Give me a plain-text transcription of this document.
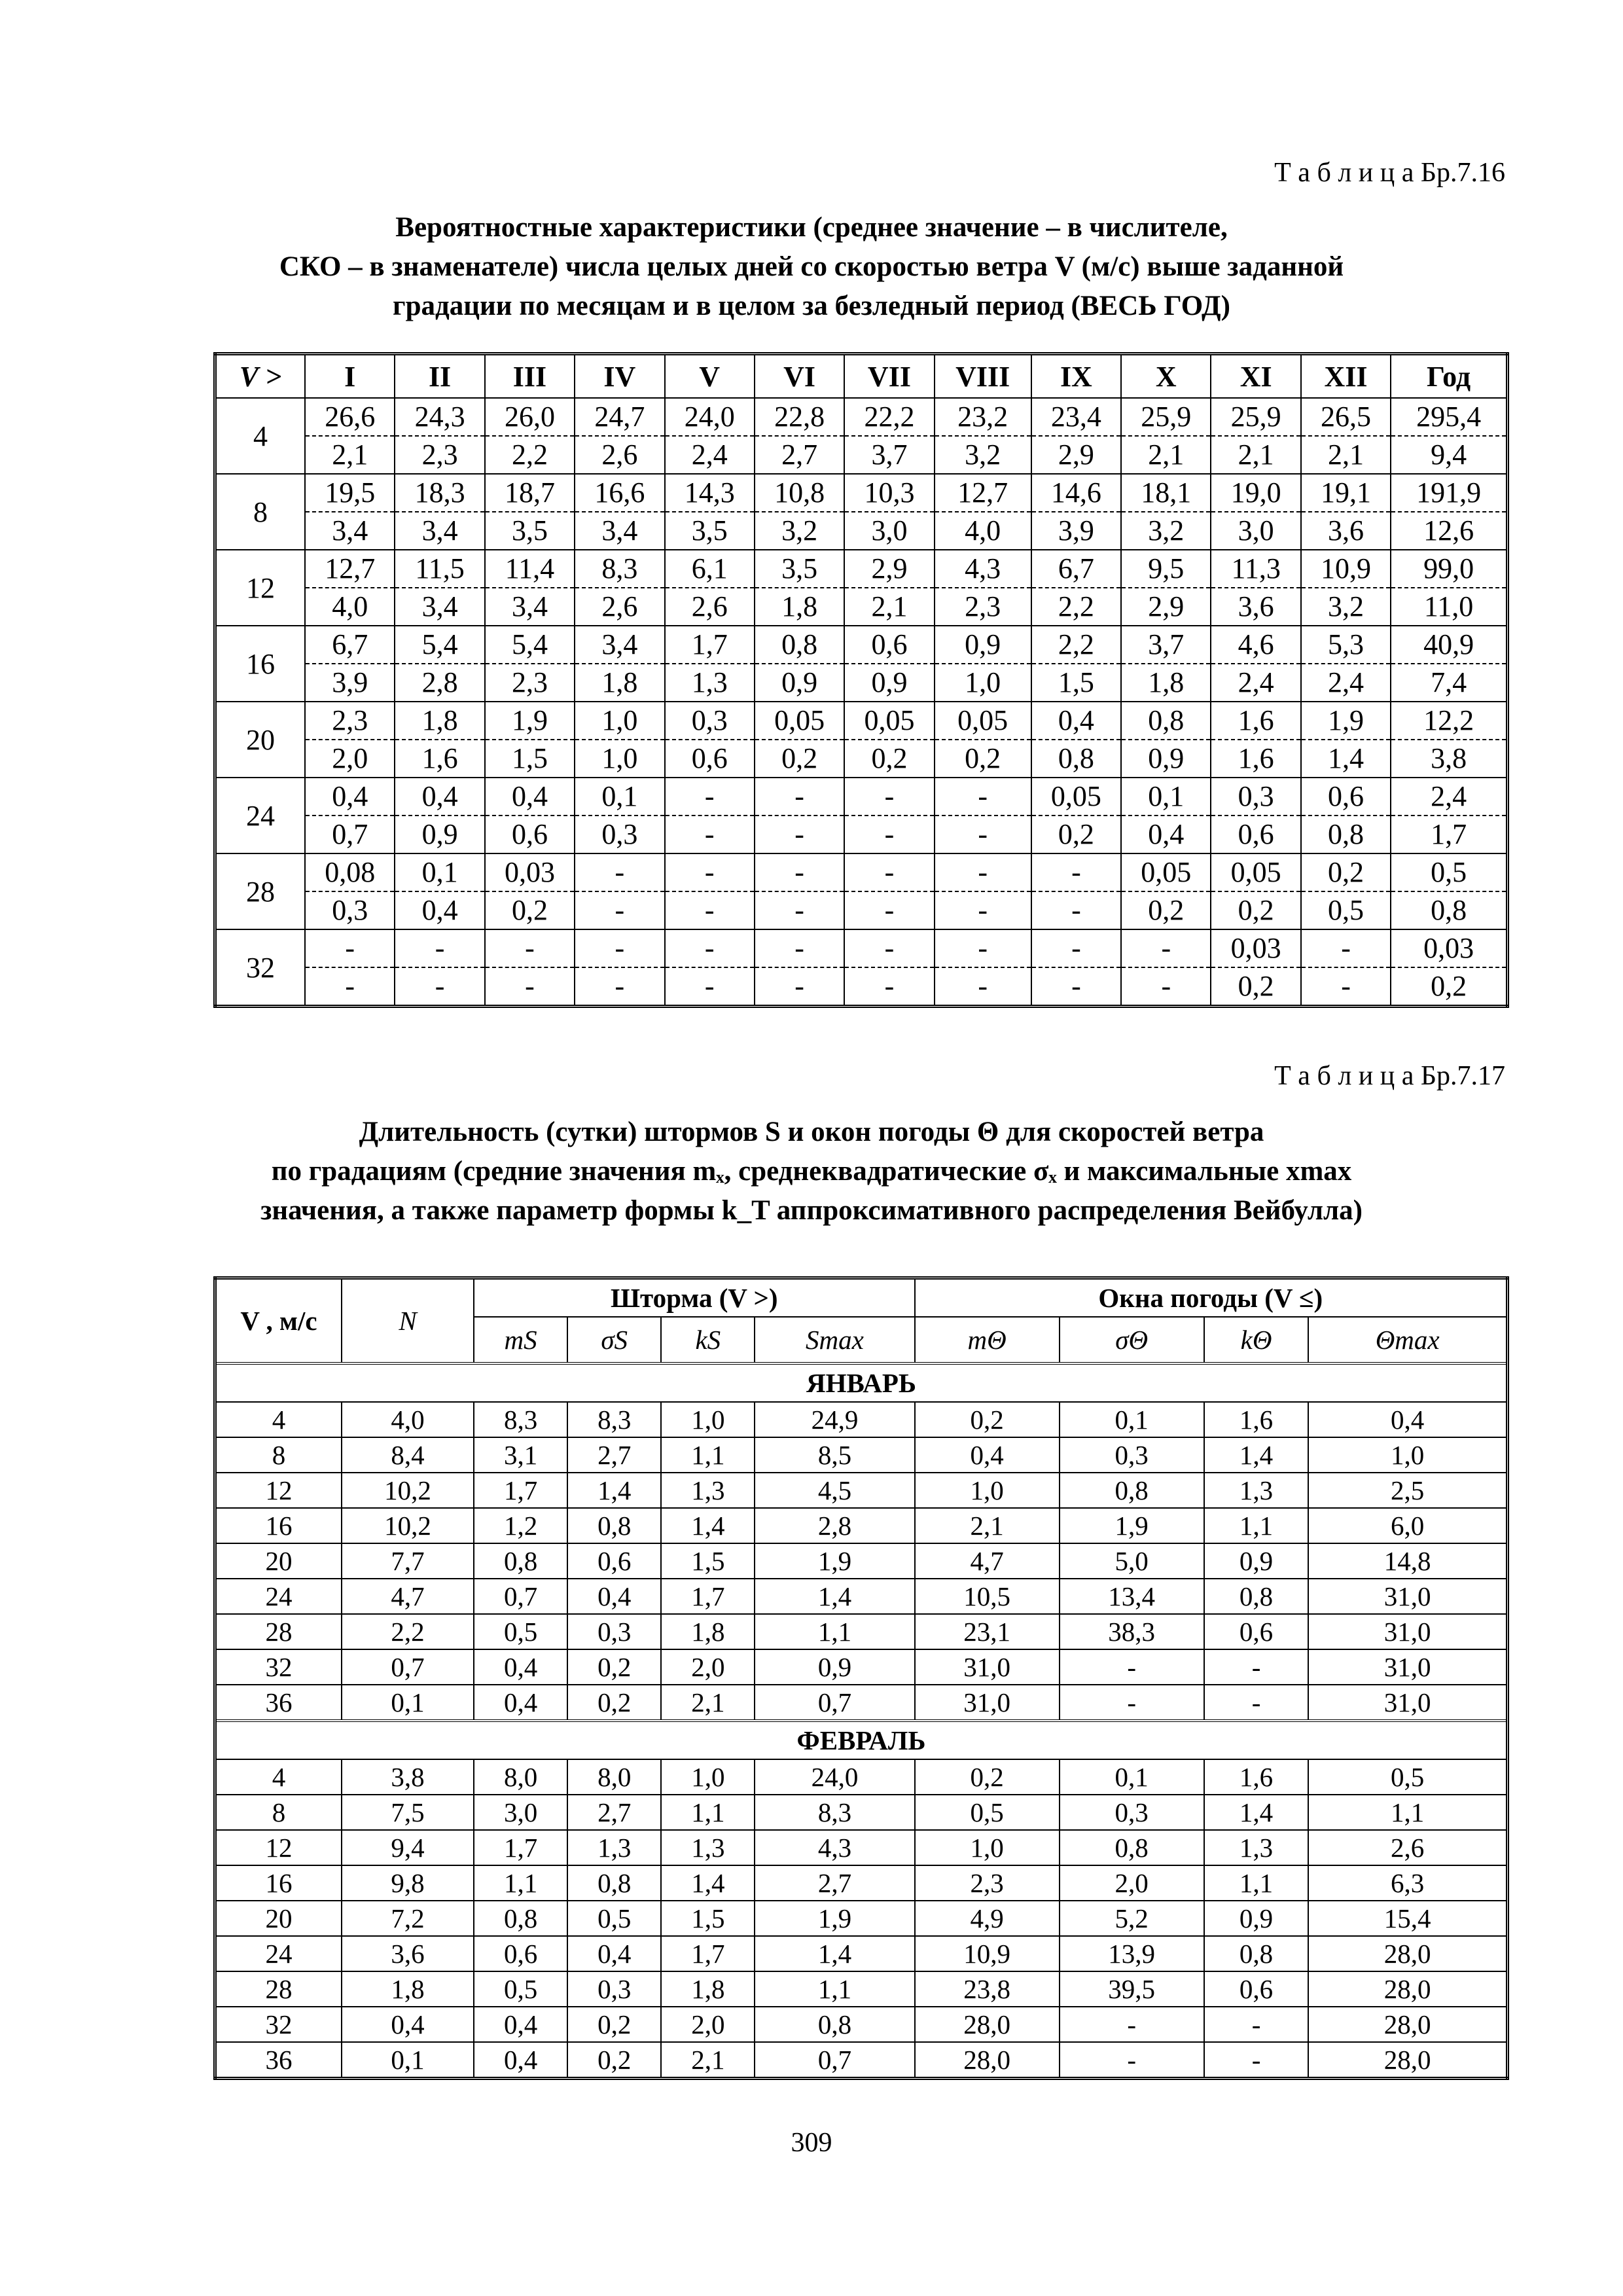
Т а б л и ц а Бр.7.16
Вероятностные характеристики (среднее значение – в числителе,
СКО – в знаменателе) числа целых дней со скоростью ветра V (м/с) выше заданной
градации по месяцам и в целом за безледный период (ВЕСЬ ГОД)
V >	I	II	III	IV	V	VI	VII	VIII	IX	X	XI	XII	Год
4	26,6	24,3	26,0	24,7	24,0	22,8	22,2	23,2	23,4	25,9	25,9	26,5	295,4
	2,1	2,3	2,2	2,6	2,4	2,7	3,7	3,2	2,9	2,1	2,1	2,1	9,4
8	19,5	18,3	18,7	16,6	14,3	10,8	10,3	12,7	14,6	18,1	19,0	19,1	191,9
	3,4	3,4	3,5	3,4	3,5	3,2	3,0	4,0	3,9	3,2	3,0	3,6	12,6
12	12,7	11,5	11,4	8,3	6,1	3,5	2,9	4,3	6,7	9,5	11,3	10,9	99,0
	4,0	3,4	3,4	2,6	2,6	1,8	2,1	2,3	2,2	2,9	3,6	3,2	11,0
16	6,7	5,4	5,4	3,4	1,7	0,8	0,6	0,9	2,2	3,7	4,6	5,3	40,9
	3,9	2,8	2,3	1,8	1,3	0,9	0,9	1,0	1,5	1,8	2,4	2,4	7,4
20	2,3	1,8	1,9	1,0	0,3	0,05	0,05	0,05	0,4	0,8	1,6	1,9	12,2
	2,0	1,6	1,5	1,0	0,6	0,2	0,2	0,2	0,8	0,9	1,6	1,4	3,8
24	0,4	0,4	0,4	0,1	-	-	-	-	0,05	0,1	0,3	0,6	2,4
	0,7	0,9	0,6	0,3	-	-	-	-	0,2	0,4	0,6	0,8	1,7
28	0,08	0,1	0,03	-	-	-	-	-	-	0,05	0,05	0,2	0,5
	0,3	0,4	0,2	-	-	-	-	-	-	0,2	0,2	0,5	0,8
32	-	-	-	-	-	-	-	-	-	-	0,03	-	0,03
	-	-	-	-	-	-	-	-	-	-	0,2	-	0,2
Т а б л и ц а Бр.7.17
Длительность (сутки) штормов S и окон погоды Θ для скоростей ветра
по градациям (средние значения mₓ, среднеквадратические σₓ и максимальные xmax
значения, а также параметр формы k_T аппроксимативного распределения Вейбулла)
V , м/с	N	Шторма (V >)				Окна погоды (V ≤)			
		mS	σS	kS	Smax	mΘ	σΘ	kΘ	Θmax
ЯНВАРЬ									
4	4,0	8,3	8,3	1,0	24,9	0,2	0,1	1,6	0,4
8	8,4	3,1	2,7	1,1	8,5	0,4	0,3	1,4	1,0
12	10,2	1,7	1,4	1,3	4,5	1,0	0,8	1,3	2,5
16	10,2	1,2	0,8	1,4	2,8	2,1	1,9	1,1	6,0
20	7,7	0,8	0,6	1,5	1,9	4,7	5,0	0,9	14,8
24	4,7	0,7	0,4	1,7	1,4	10,5	13,4	0,8	31,0
28	2,2	0,5	0,3	1,8	1,1	23,1	38,3	0,6	31,0
32	0,7	0,4	0,2	2,0	0,9	31,0	-	-	31,0
36	0,1	0,4	0,2	2,1	0,7	31,0	-	-	31,0
ФЕВРАЛЬ									
4	3,8	8,0	8,0	1,0	24,0	0,2	0,1	1,6	0,5
8	7,5	3,0	2,7	1,1	8,3	0,5	0,3	1,4	1,1
12	9,4	1,7	1,3	1,3	4,3	1,0	0,8	1,3	2,6
16	9,8	1,1	0,8	1,4	2,7	2,3	2,0	1,1	6,3
20	7,2	0,8	0,5	1,5	1,9	4,9	5,2	0,9	15,4
24	3,6	0,6	0,4	1,7	1,4	10,9	13,9	0,8	28,0
28	1,8	0,5	0,3	1,8	1,1	23,8	39,5	0,6	28,0
32	0,4	0,4	0,2	2,0	0,8	28,0	-	-	28,0
36	0,1	0,4	0,2	2,1	0,7	28,0	-	-	28,0
309
